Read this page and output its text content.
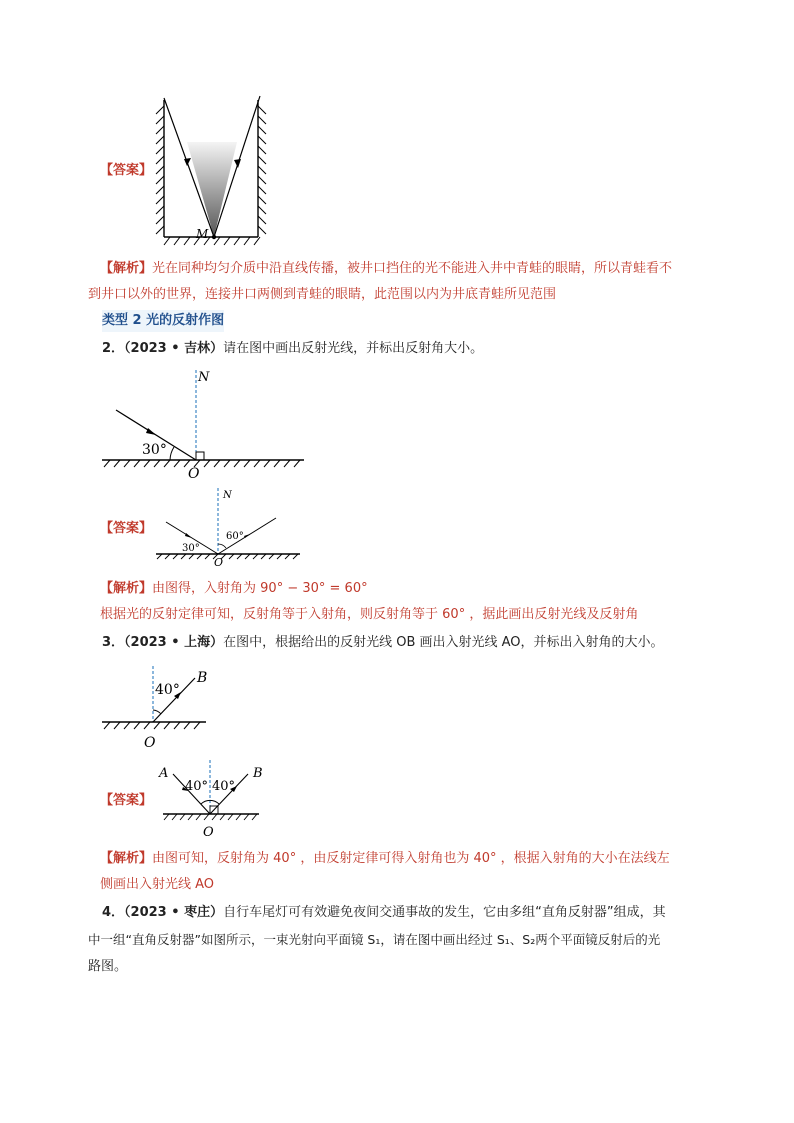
【答案】
M
【解析】光在同种均匀介质中沿直线传播，被井口挡住的光不能进入井中青蛙的眼睛，所以青蛙看不
到井口以外的世界，连接井口两侧到青蛙的眼睛，此范围以内为井底青蛙所见范围
类型 2 光的反射作图
2．（2023 • 吉林）请在图中画出反射光线，并标出反射角大小。
N
30°
O
【答案】
N
30°
60°
O
【解析】由图得，入射角为 90° − 30° = 60°
根据光的反射定律可知，反射角等于入射角，则反射角等于 60° ，据此画出反射光线及反射角
3．（2023 • 上海）在图中，根据给出的反射光线 OB 画出入射光线 AO，并标出入射角的大小。
40°
B
O
【答案】
40° 40°
A	B
O
【解析】由图可知，反射角为 40° ，由反射定律可得入射角也为 40° ，根据入射角的大小在法线左
侧画出入射光线 AO
4．（2023 • 枣庄）自行车尾灯可有效避免夜间交通事故的发生，它由多组“直角反射器”组成，其
中一组“直角反射器”如图所示，一束光射向平面镜 S₁，请在图中画出经过 S₁、S₂两个平面镜反射后的光
路图。
